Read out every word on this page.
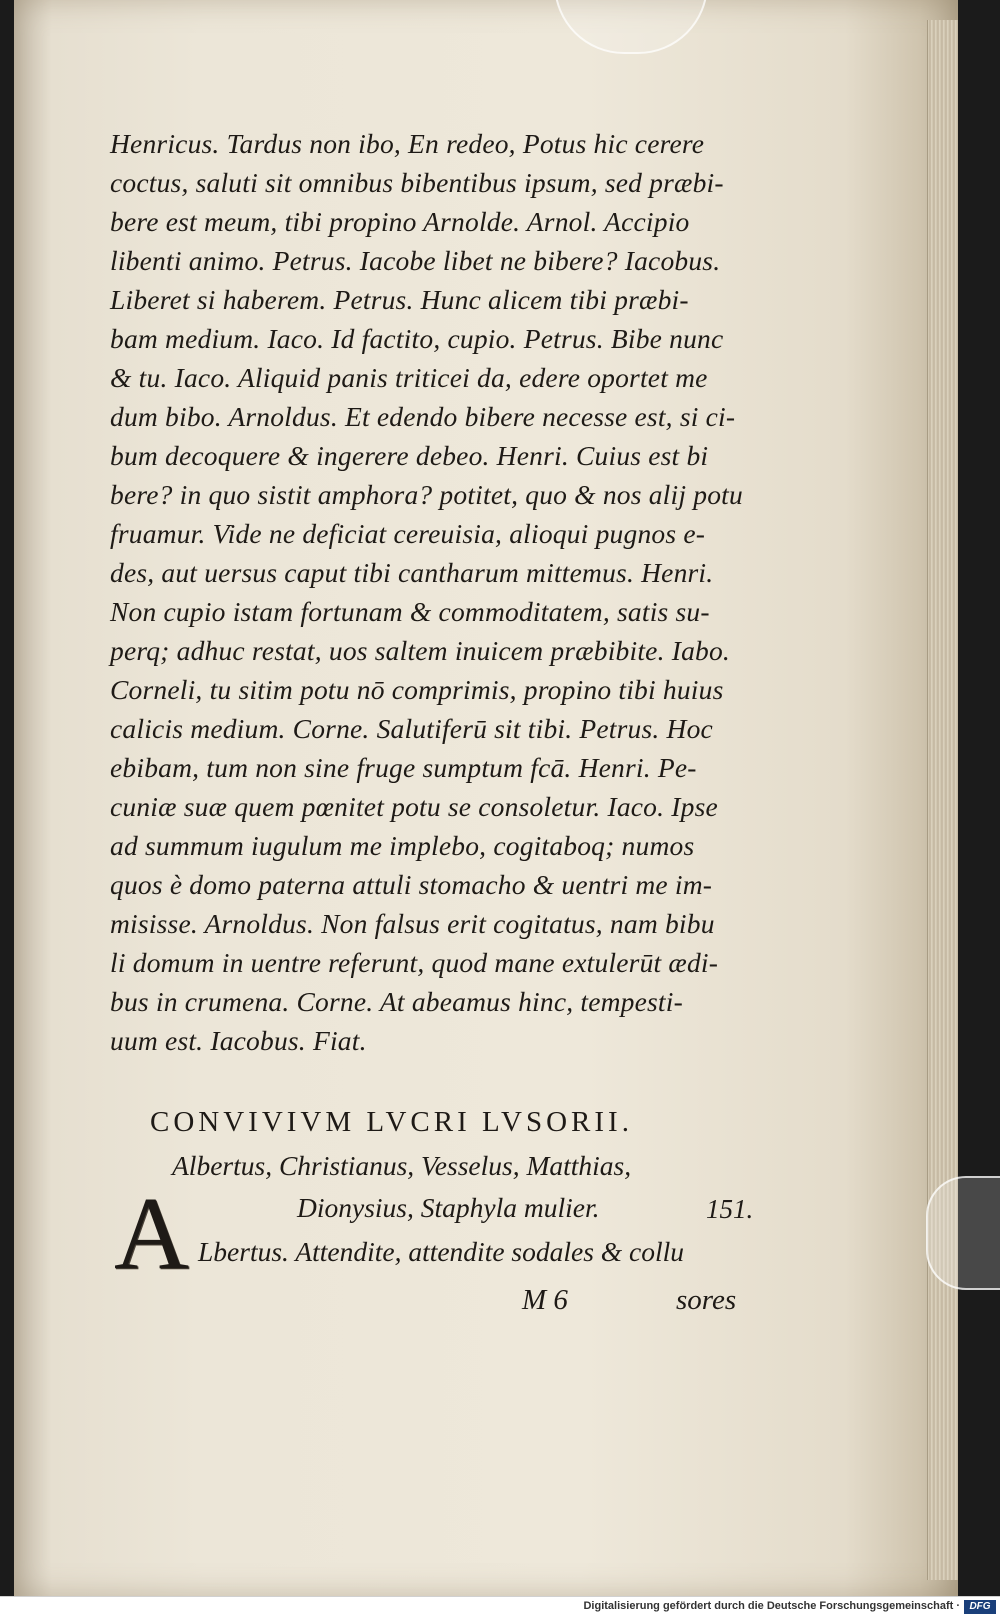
Henricus. Tardus non ibo, En redeo, Potus hic cerere
coctus, saluti sit omnibus bibentibus ipsum, sed præbi-
bere est meum, tibi propino Arnolde. Arnol. Accipio
libenti animo. Petrus. Iacobe libet ne bibere? Iacobus.
Liberet si haberem. Petrus. Hunc alicem tibi præbi-
bam medium. Iaco. Id factito, cupio. Petrus. Bibe nunc
& tu. Iaco. Aliquid panis triticei da, edere oportet me
dum bibo. Arnoldus. Et edendo bibere necesse est, si ci-
bum decoquere & ingerere debeo. Henri. Cuius est bi
bere? in quo sistit amphora? potitet, quo & nos alij potu
fruamur. Vide ne deficiat cereuisia, alioqui pugnos e-
des, aut uersus caput tibi cantharum mittemus. Henri.
Non cupio istam fortunam & commoditatem, satis su-
perq; adhuc restat, uos saltem inuicem præbibite. Iabo.
Corneli, tu sitim potu nō comprimis, propino tibi huius
calicis medium. Corne. Salutiferū sit tibi. Petrus. Hoc
ebibam, tum non sine fruge sumptum fcā. Henri. Pe-
cuniæ suæ quem pœnitet potu se consoletur. Iaco. Ipse
ad summum iugulum me implebo, cogitaboq; numos
quos è domo paterna attuli stomacho & uentri me im-
misisse. Arnoldus. Non falsus erit cogitatus, nam bibu
li domum in uentre referunt, quod mane extulerūt ædi-
bus in crumena. Corne. At abeamus hinc, tempesti-
uum est. Iacobus. Fiat.
CONVIVIVM LVCRI LVSORII.
Albertus, Christianus, Vesselus, Matthias,
Dionysius, Staphyla mulier.	151.
A Lbertus. Attendite, attendite sodales & collu
M 6	sores
Digitalisierung gefördert durch die Deutsche Forschungsgemeinschaft · DFG
